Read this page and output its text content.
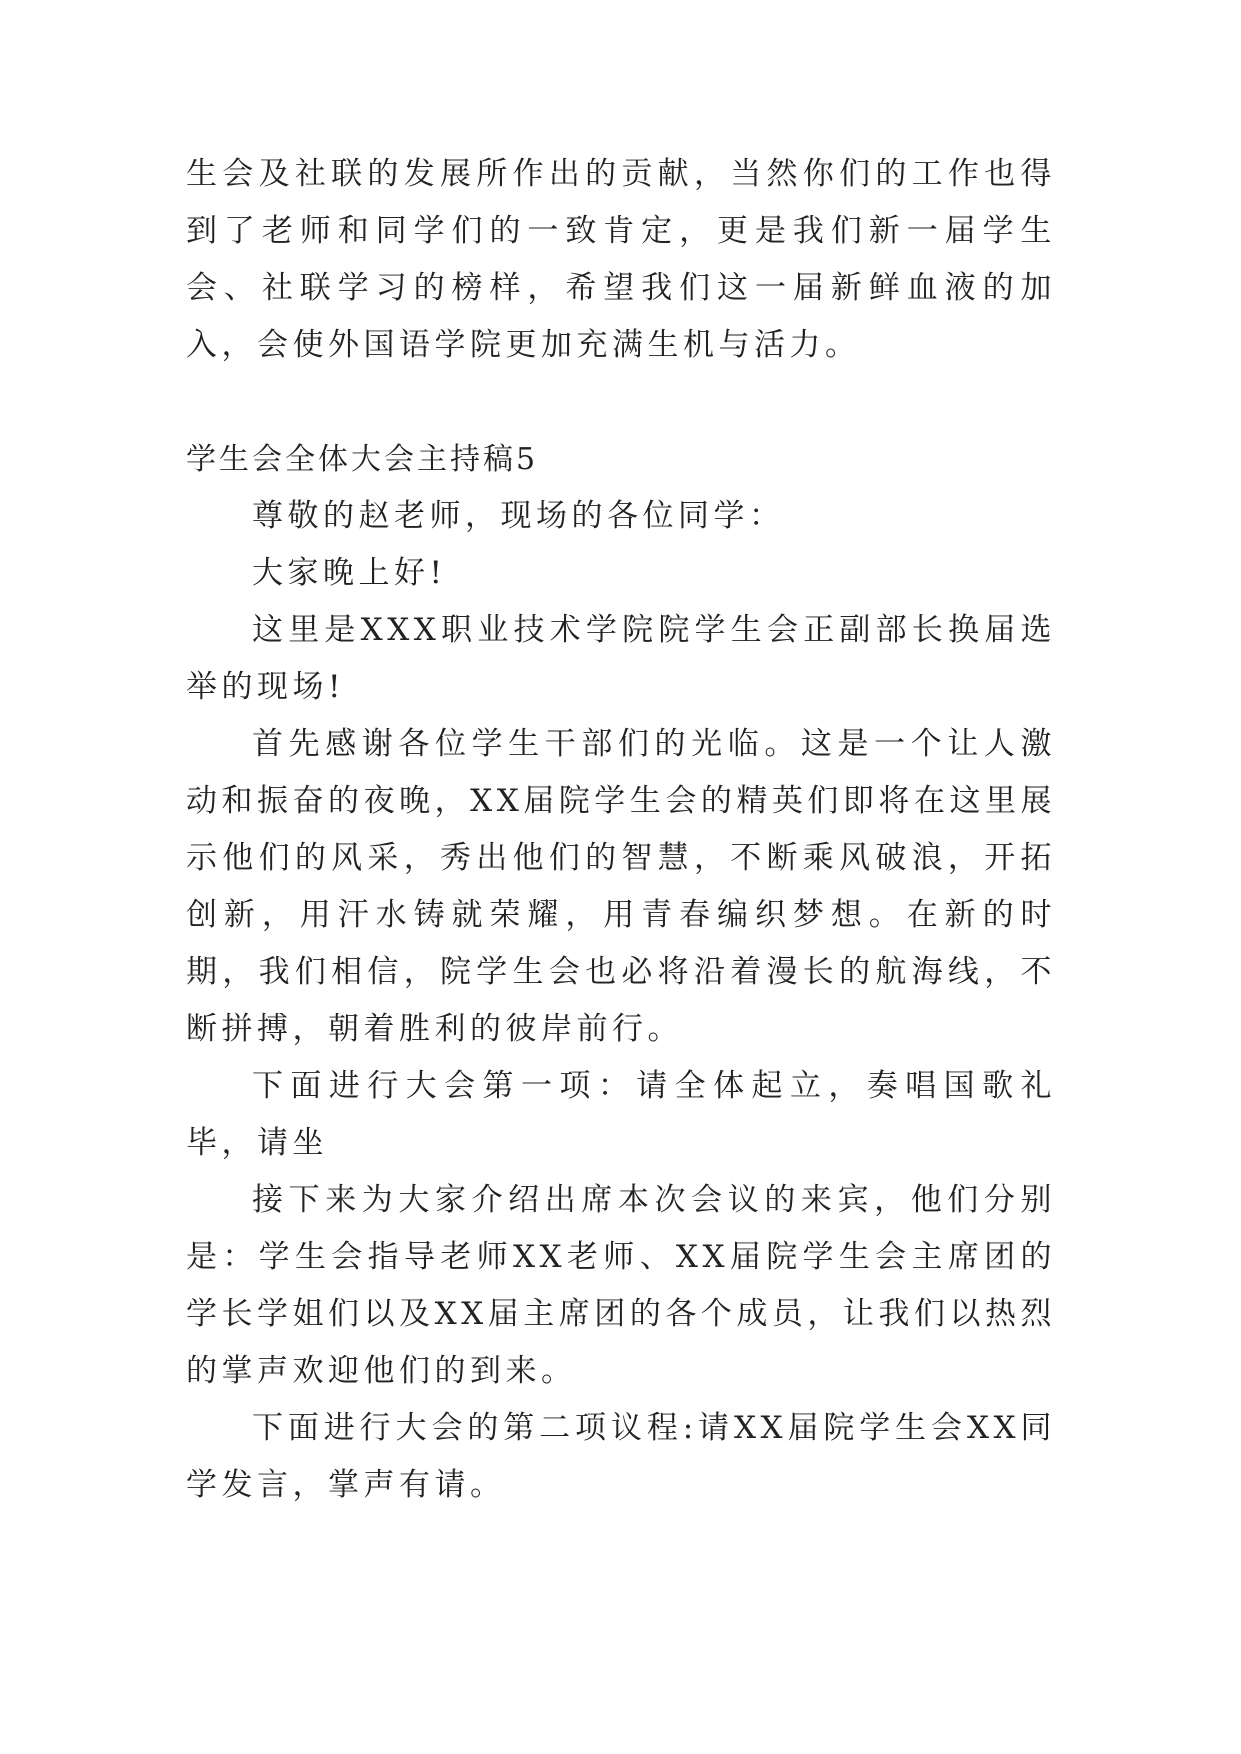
生会及社联的发展所作出的贡献，当然你们的工作也得到了老师和同学们的一致肯定，更是我们新一届学生会、社联学习的榜样，希望我们这一届新鲜血液的加入，会使外国语学院更加充满生机与活力。

学生会全体大会主持稿5

尊敬的赵老师，现场的各位同学：

大家晚上好!

这里是XXX职业技术学院院学生会正副部长换届选举的现场!

首先感谢各位学生干部们的光临。这是一个让人激动和振奋的夜晚，XX届院学生会的精英们即将在这里展示他们的风采，秀出他们的智慧，不断乘风破浪，开拓创新，用汗水铸就荣耀，用青春编织梦想。在新的时期，我们相信，院学生会也必将沿着漫长的航海线，不断拼搏，朝着胜利的彼岸前行。

下面进行大会第一项：请全体起立，奏唱国歌礼毕，请坐

接下来为大家介绍出席本次会议的来宾，他们分别是：学生会指导老师XX老师、XX届院学生会主席团的学长学姐们以及XX届主席团的各个成员，让我们以热烈的掌声欢迎他们的到来。

下面进行大会的第二项议程:请XX届院学生会XX同学发言，掌声有请。
